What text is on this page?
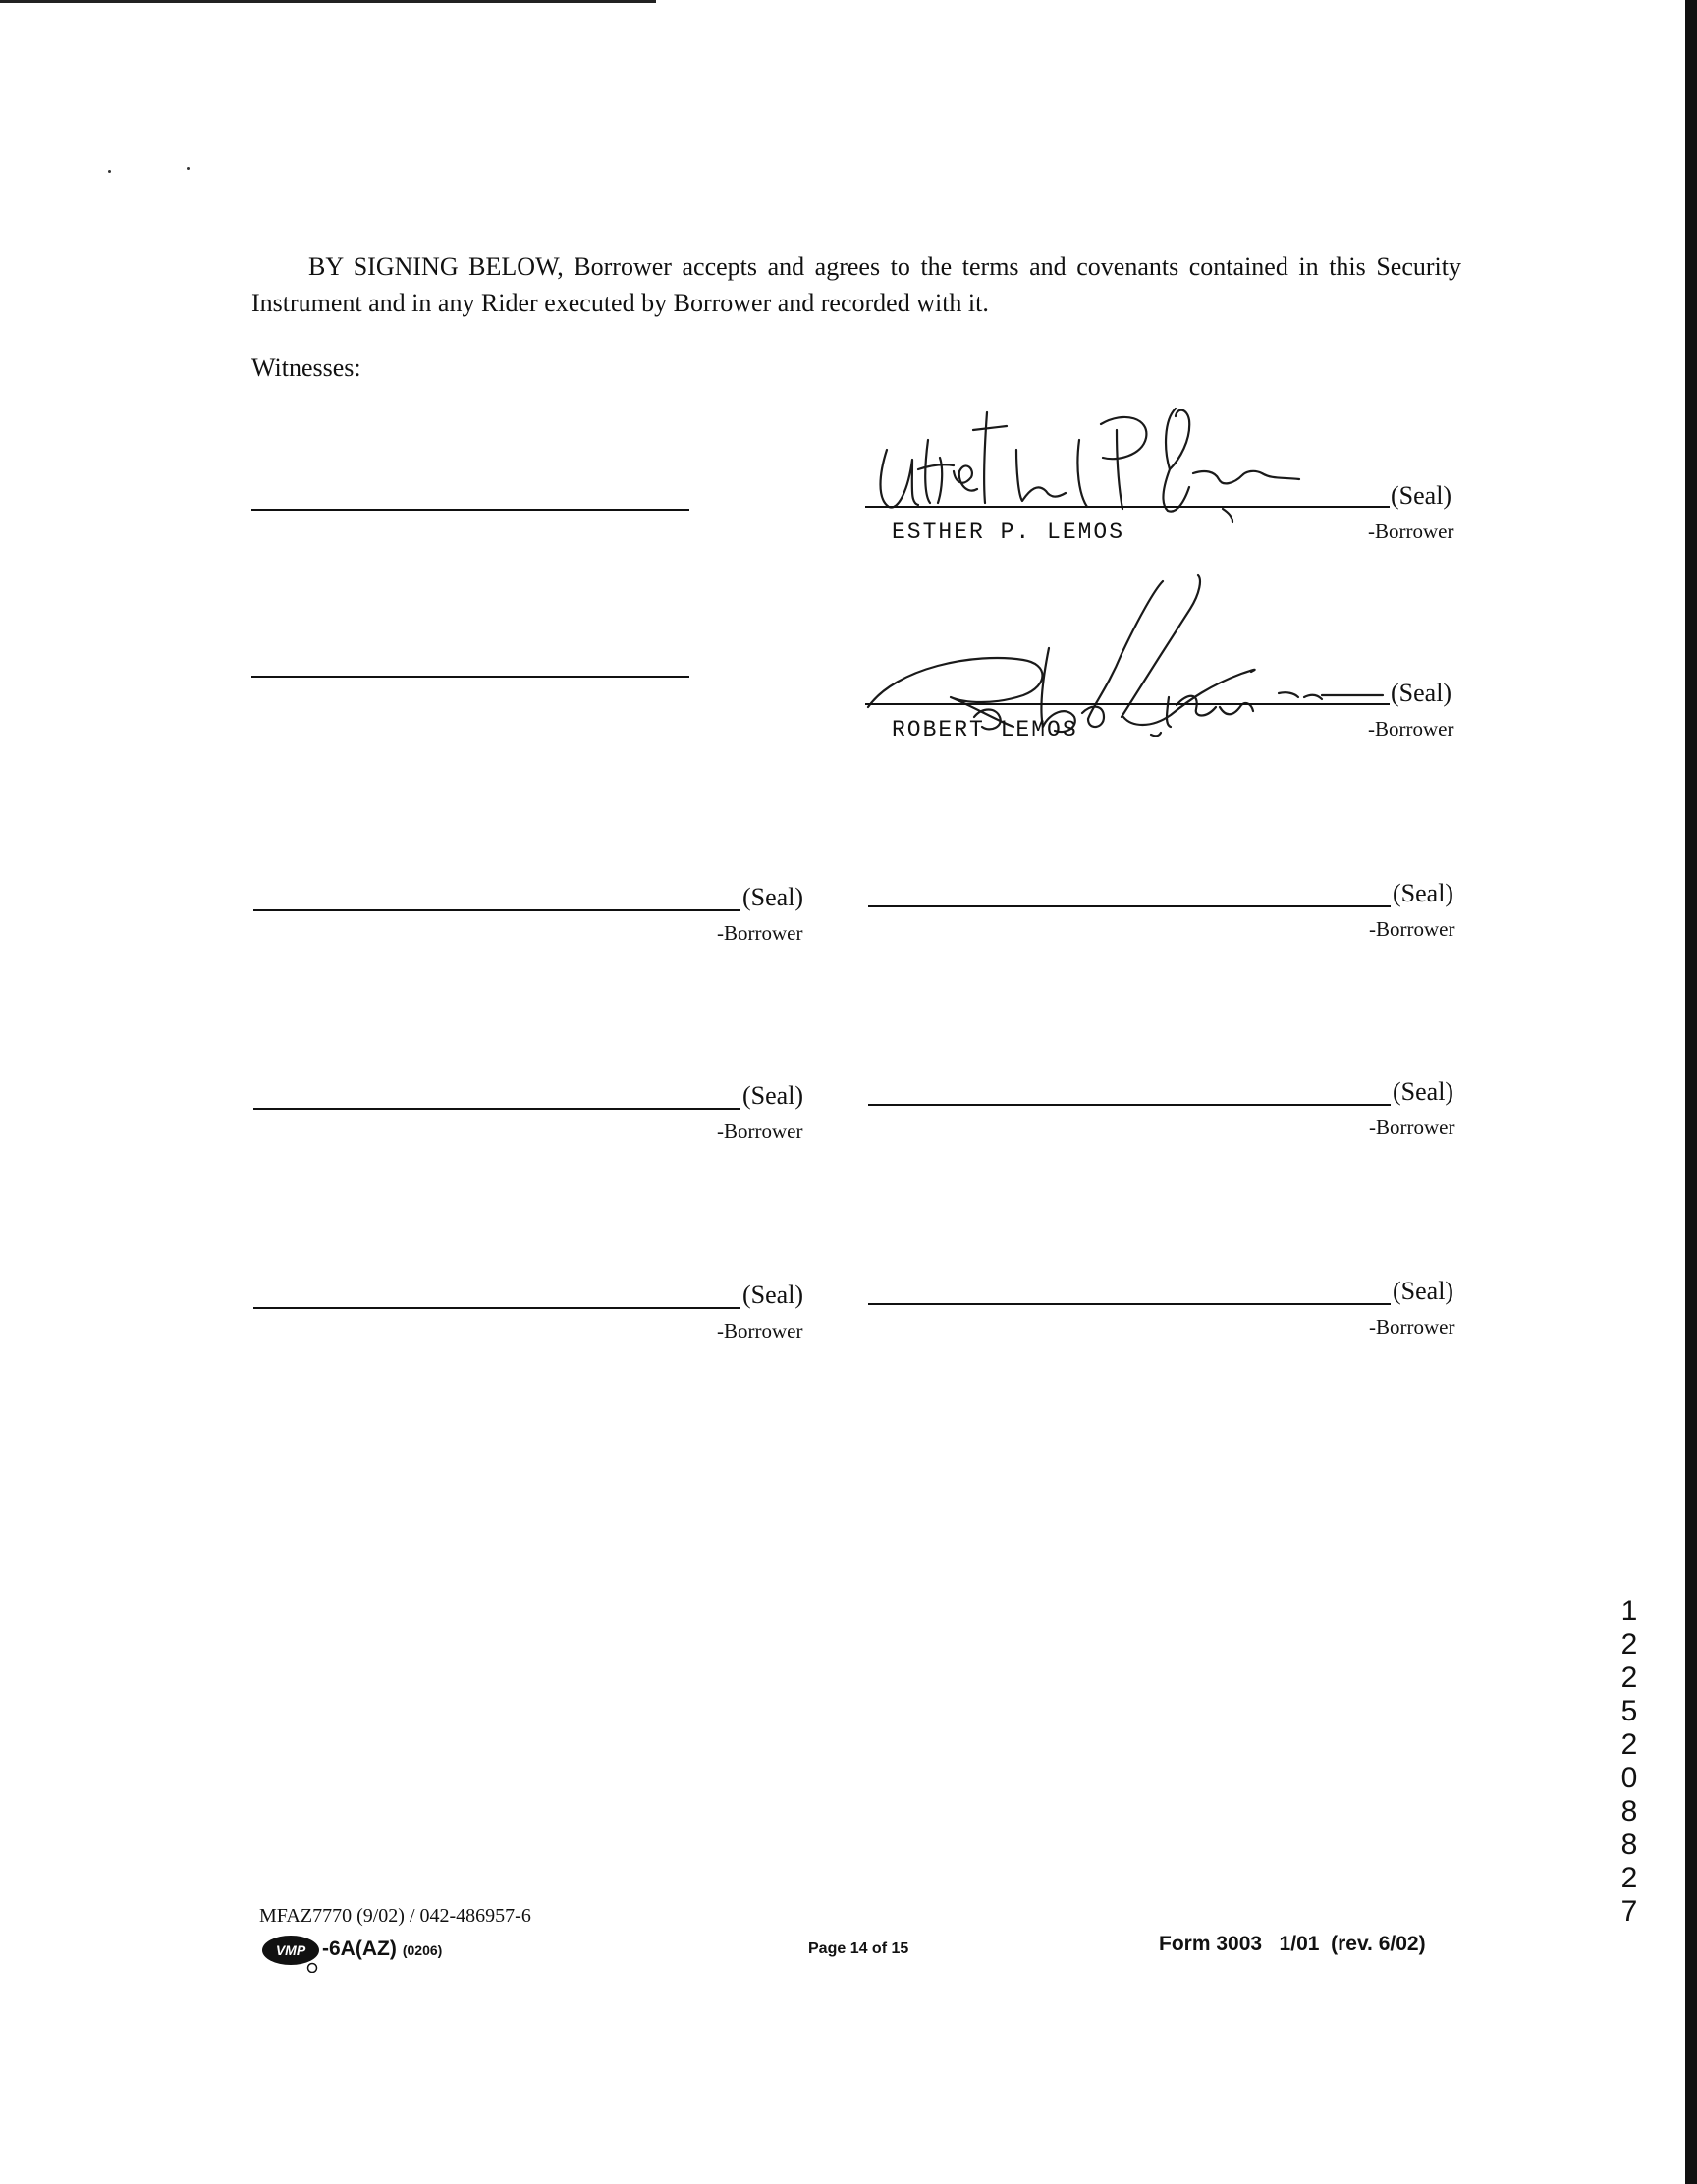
BY SIGNING BELOW, Borrower accepts and agrees to the terms and covenants contained in this Security Instrument and in any Rider executed by Borrower and recorded with it.

Witnesses:
(Seal)
ESTHER P. LEMOS	-Borrower
(Seal)
ROBERT LEMOS	-Borrower
(Seal)
-Borrower
(Seal)
-Borrower
(Seal)
-Borrower
(Seal)
-Borrower
(Seal)
-Borrower
(Seal)
-Borrower
MFAZ7770 (9/02) / 042-486957-6
VMP -6A(AZ) (0206)	Page 14 of 15	Form 3003   1/01  (rev. 6/02)
12252 08827
